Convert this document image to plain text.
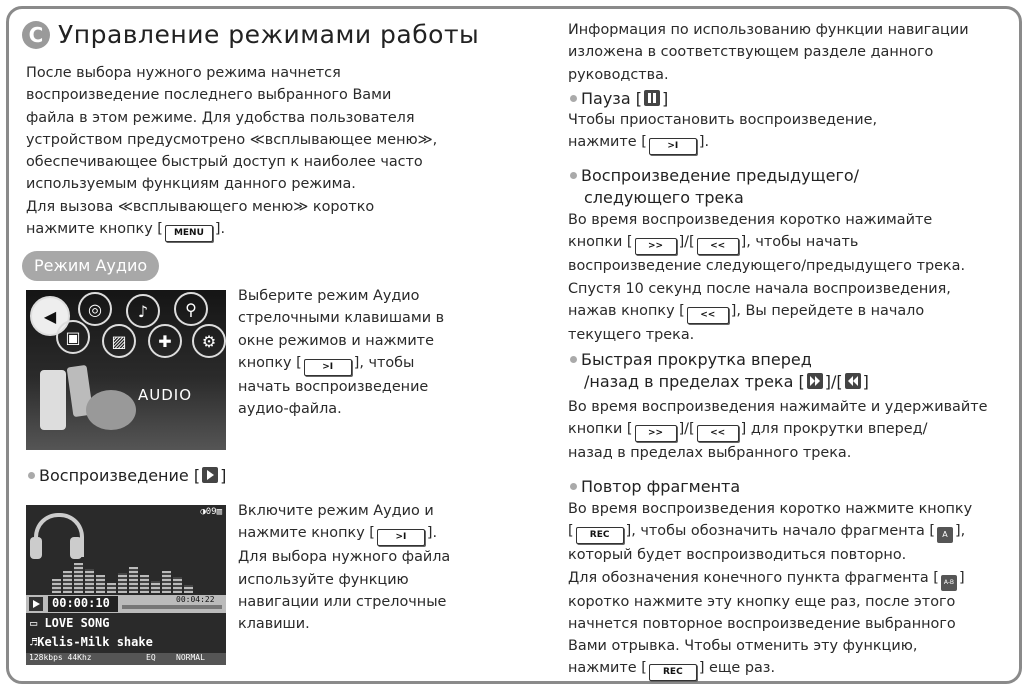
C Управление режимами работы

После выбора нужного режима начнется

воспроизведение последнего выбранного Вами

файла в этом режиме. Для удобства пользователя

устройством предусмотрено ≪всплывающее меню≫,

обеспечивающее быстрый доступ к наиболее часто

используемым функциям данного режима.

Для вызова ≪всплывающего меню≫ коротко

нажмите кнопку [ MENU ].

Режим Аудио
◀	◎	♪	⚲
▣	▨	✚	⚙
AUDIO

Выберите режим Аудио

стрелочными клавишами в

окне режимов и нажмите

кнопку [ >I ], чтобы

начать воспроизведение

аудио-файла.

Воспроизведение [ ]
◑09▥
00:00:10	00:04:22
▭ LOVE SONG
♬Kelis-Milk shake
128kbps 44Khz	EQ	NORMAL

Включите режим Аудио и

нажмите кнопку [ >I ].

Для выбора нужного файла

используйте функцию

навигации или стрелочные

клавиши.

Информация по использованию функции навигации

изложена в соответствующем разделе данного

руководства.

Пауза [ ]

Чтобы приостановить воспроизведение,

нажмите [ >I ].

Воспроизведение предыдущего/

следующего трека

Во время воспроизведения коротко нажимайте

кнопки [ >> ]/[ << ], чтобы начать

воспроизведение следующего/предыдущего трека.

Спустя 10 секунд после начала воспроизведения,

нажав кнопку [ << ], Вы перейдете в начало

текущего трека.

Быстрая прокрутка вперед

/назад в пределах трека [ ]/[ ]

Во время воспроизведения нажимайте и удерживайте

кнопки [ >> ]/[ << ] для прокрутки вперед/

назад в пределах выбранного трека.

Повтор фрагмента

Во время воспроизведения коротко нажмите кнопку

[ REC ], чтобы обозначить начало фрагмента [ A ],

который будет воспроизводиться повторно.

Для обозначения конечного пункта фрагмента [ A-B ]

коротко нажмите эту кнопку еще раз, после этого

начнется повторное воспроизведение выбранного

Вами отрывка. Чтобы отменить эту функцию,

нажмите [ REC ] еще раз.
